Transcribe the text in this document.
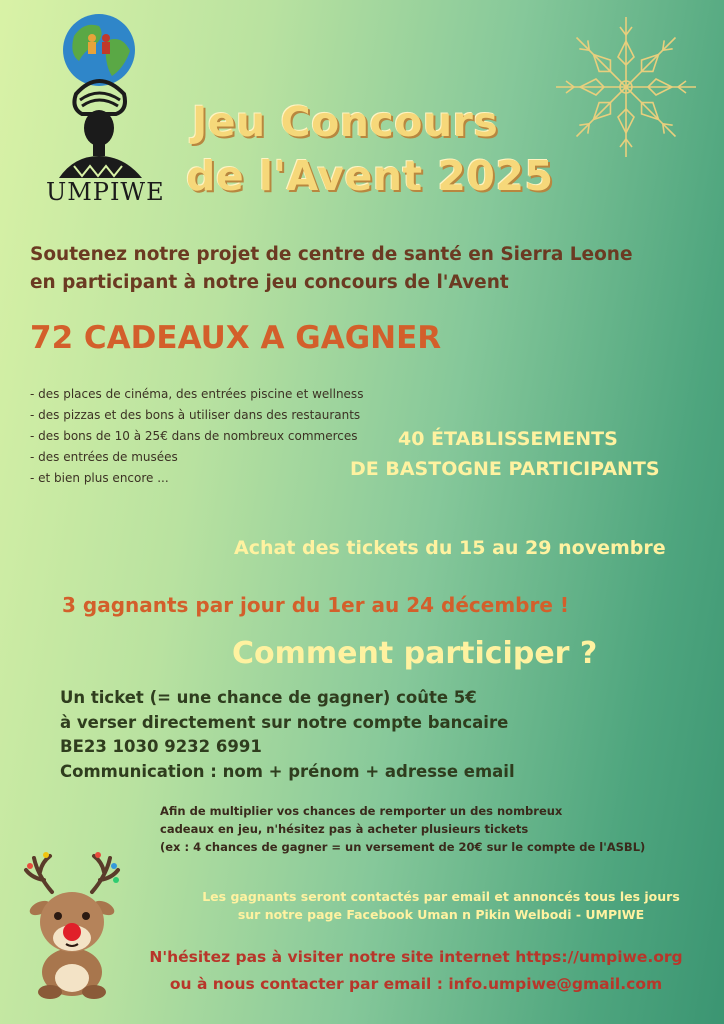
UMPIWE
Jeu Concours
de l'Avent 2025
Soutenez notre projet de centre de santé en Sierra Leone
en participant à notre jeu concours de l'Avent
72 CADEAUX A GAGNER
- des places de cinéma, des entrées piscine et wellness
- des pizzas et des bons à utiliser dans des restaurants
- des bons de 10 à 25€ dans de nombreux commerces
- des entrées de musées
- et bien plus encore ...
40 ÉTABLISSEMENTS
DE BASTOGNE PARTICIPANTS
Achat des tickets du 15 au 29 novembre
3 gagnants par jour du 1er au 24 décembre !
Comment participer ?
Un ticket (= une chance de gagner) coûte 5€
à verser directement sur notre compte bancaire
BE23 1030 9232 6991
Communication : nom + prénom + adresse email
Afin de multiplier vos chances de remporter un des nombreux
cadeaux en jeu, n'hésitez pas à acheter plusieurs tickets
(ex : 4 chances de gagner = un versement de 20€ sur le compte de l'ASBL)
Les gagnants seront contactés par email et annoncés tous les jours
sur notre page Facebook Uman n Pikin Welbodi - UMPIWE
N'hésitez pas à visiter notre site internet https://umpiwe.org
ou à nous contacter par email : info.umpiwe@gmail.com
